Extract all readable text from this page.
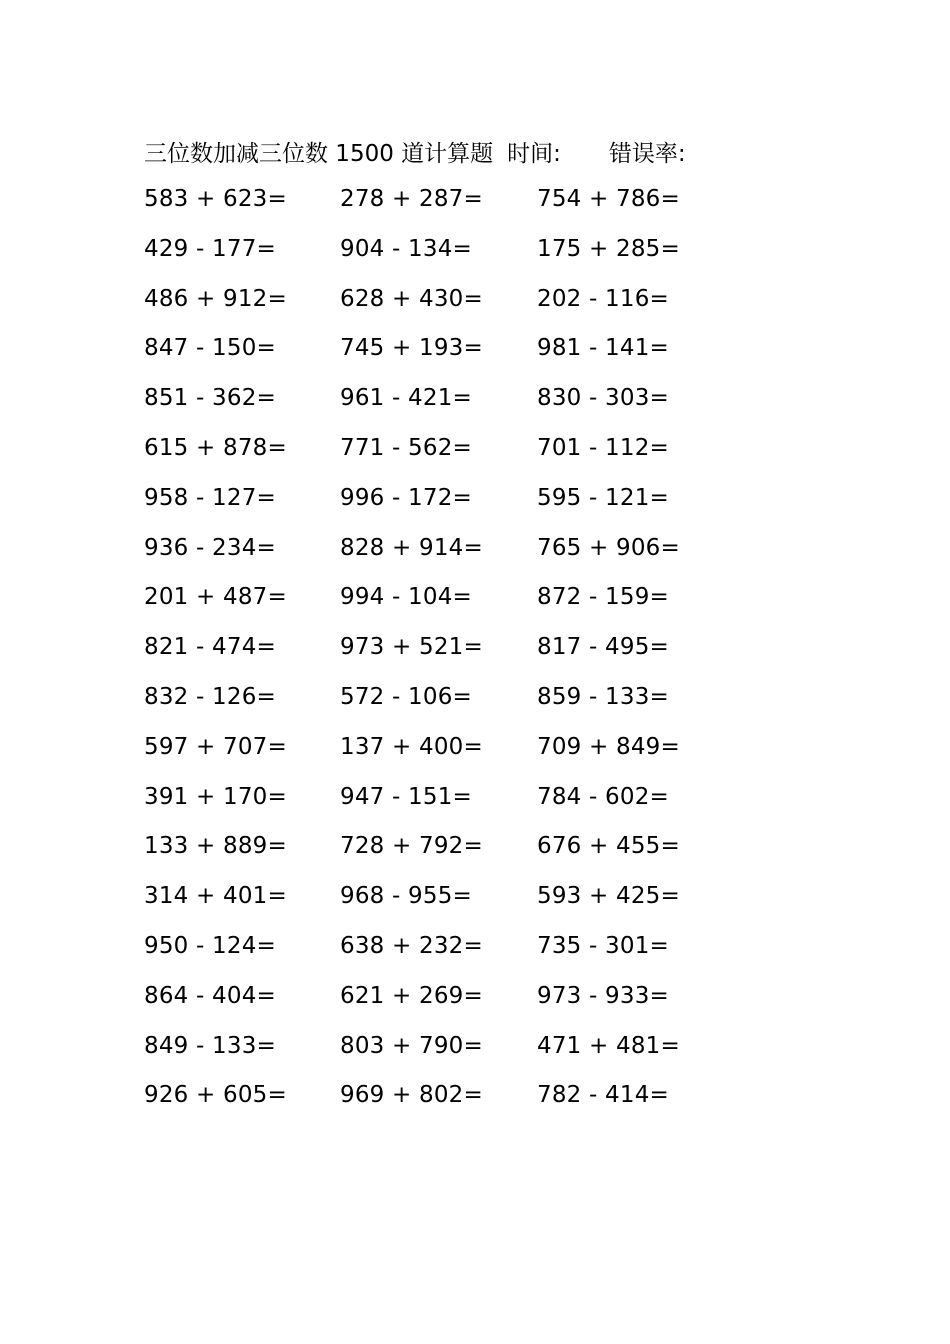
三位数加减三位数 1500 道计算题 时间: 错误率:
583 + 623= 278 + 287= 754 + 786=
429 - 177=	904 - 134=	175 + 285=
486 + 912= 628 + 430= 202 - 116=
847 - 150=	745 + 193= 981 - 141=
851 - 362=	961 - 421=	830 - 303=
615 + 878= 771 - 562=	701 - 112=
958 - 127=	996 - 172=	595 - 121=
936 - 234=	828 + 914= 765 + 906=
201 + 487= 994 - 104=	872 - 159=
821 - 474=	973 + 521= 817 - 495=
832 - 126=	572 - 106=	859 - 133=
597 + 707= 137 + 400= 709 + 849=
391 + 170= 947 - 151=	784 - 602=
133 + 889= 728 + 792= 676 + 455=
314 + 401= 968 - 955=	593 + 425=
950 - 124=	638 + 232= 735 - 301=
864 - 404=	621 + 269= 973 - 933=
849 - 133=	803 + 790= 471 + 481=
926 + 605= 969 + 802= 782 - 414=
